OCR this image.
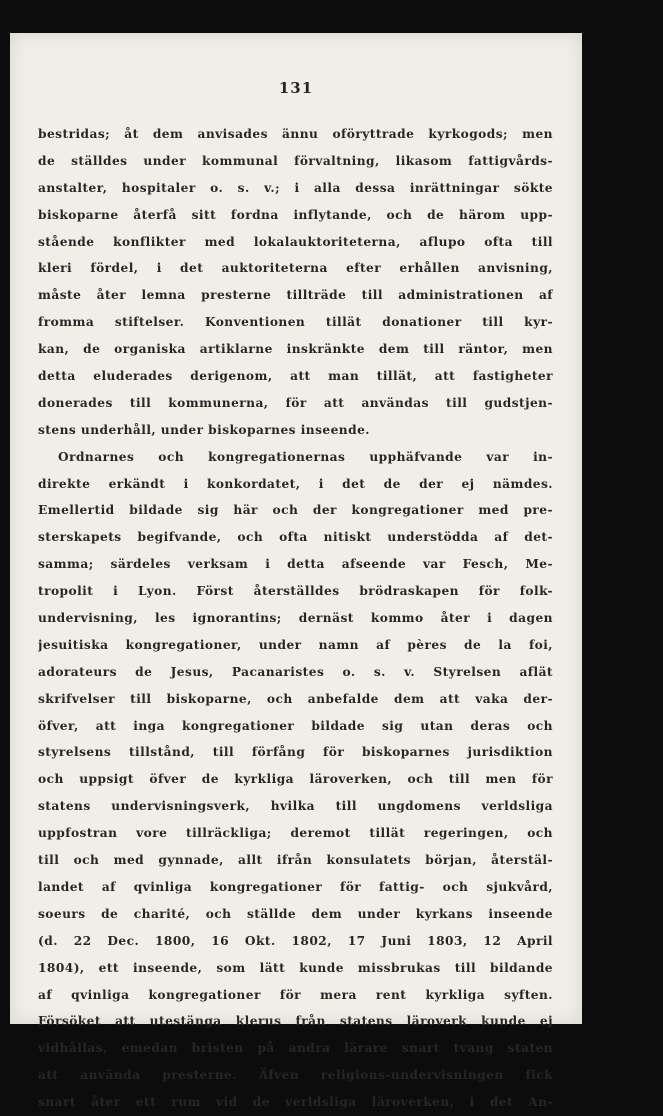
131
bestridas; åt dem anvisades ännu oföryttrade kyrkogods; men
de ställdes under kommunal förvaltning, likasom fattigvårds-
anstalter, hospitaler o. s. v.; i alla dessa inrättningar sökte
biskoparne återfå sitt fordna inflytande, och de härom upp-
stående konflikter med lokalauktoriteterna, aflupo ofta till
kleri fördel, i det auktoriteterna efter erhållen anvisning,
måste åter lemna presterne tillträde till administrationen af
fromma stiftelser. Konventionen tillät donationer till kyr-
kan, de organiska artiklarne inskränkte dem till räntor, men
detta eluderades derigenom, att man tillät, att fastigheter
donerades till kommunerna, för att användas till gudstjen-
stens underhåll, under biskoparnes inseende.
Ordnarnes och kongregationernas upphäfvande var in-
direkte erkändt i konkordatet, i det de der ej nämdes.
Emellertid bildade sig här och der kongregationer med pre-
sterskapets begifvande, och ofta nitiskt understödda af det-
samma; särdeles verksam i detta afseende var Fesch, Me-
tropolit i Lyon. Först återställdes brödraskapen för folk-
undervisning, les ignorantins; dernäst kommo åter i dagen
jesuitiska kongregationer, under namn af pères de la foi,
adorateurs de Jesus, Pacanaristes o. s. v. Styrelsen aflät
skrifvelser till biskoparne, och anbefalde dem att vaka der-
öfver, att inga kongregationer bildade sig utan deras och
styrelsens tillstånd, till förfång för biskoparnes jurisdiktion
och uppsigt öfver de kyrkliga läroverken, och till men för
statens undervisningsverk, hvilka till ungdomens verldsliga
uppfostran vore tillräckliga; deremot tillät regeringen, och
till och med gynnade, allt ifrån konsulatets början, återstäl-
landet af qvinliga kongregationer för fattig- och sjukvård,
soeurs de charité, och ställde dem under kyrkans inseende
(d. 22 Dec. 1800, 16 Okt. 1802, 17 Juni 1803, 12 April
1804), ett inseende, som lätt kunde missbrukas till bildande
af qvinliga kongregationer för mera rent kyrkliga syften.
Försöket att utestänga klerus från statens läroverk kunde ej
vidhållas, emedan bristen på andra lärare snart tvang staten
att använda presterne. Äfven religions-undervisningen fick
snart åter ett rum vid de verldsliga läroverken, i det An-
